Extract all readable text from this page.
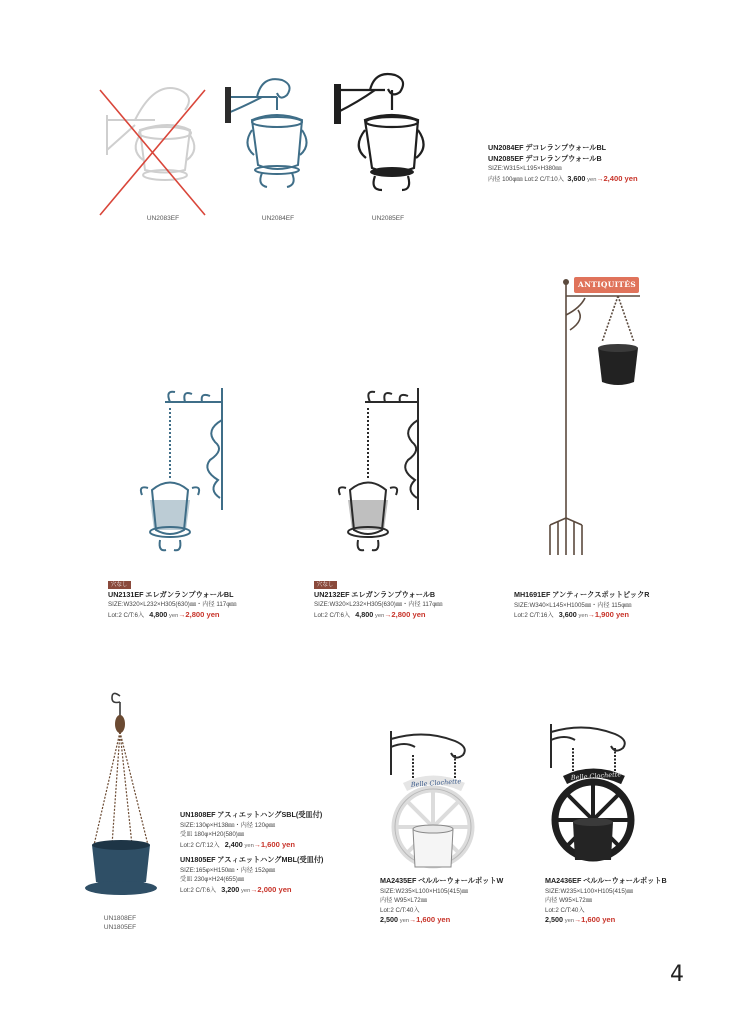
UN2083EF	UN2084EF	UN2085EF
UN2084EF デコレランプウォールBL
UN2085EF デコレランプウォールB
SIZE:W315×L195×H380㎜
内径 100φ㎜ Lot:2 C/T:10入 3,600 yen→2,400 yen
穴なし
UN2131EF エレガンランプウォールBL
SIZE:W320×L232×H305(630)㎜・内径 117φ㎜
Lot:2 C/T:6入 4,800 yen→2,800 yen
穴なし
UN2132EF エレガンランプウォールB
SIZE:W320×L232×H305(630)㎜・内径 117φ㎜
Lot:2 C/T:6入 4,800 yen→2,800 yen
ANTIQUITÉS
MH1691EF アンティークスポットピックR
SIZE:W340×L145×H1005㎜・内径 115φ㎜
Lot:2 C/T:16入 3,600 yen→1,900 yen
UN1808EF
UN1805EF
UN1808EF アスィエットハングSBL(受皿付)
SIZE:130φ×H138㎜・内径 120φ㎜
受皿 180φ×H20(580)㎜
Lot:2 C/T:12入 2,400 yen→1,600 yen
UN1805EF アスィエットハングMBL(受皿付)
SIZE:165φ×H150㎜・内径 152φ㎜
受皿 230φ×H24(655)㎜
Lot:2 C/T:6入 3,200 yen→2,000 yen
Belle Clochette
MA2435EF ベルルーウォールポットW
SIZE:W235×L100×H105(415)㎜
内径 W95×L72㎜
Lot:2 C/T:40入
2,500 yen→1,600 yen
Belle Clochette
MA2436EF ベルルーウォールポットB
SIZE:W235×L100×H105(415)㎜
内径 W95×L72㎜
Lot:2 C/T:40入
2,500 yen→1,600 yen
4
